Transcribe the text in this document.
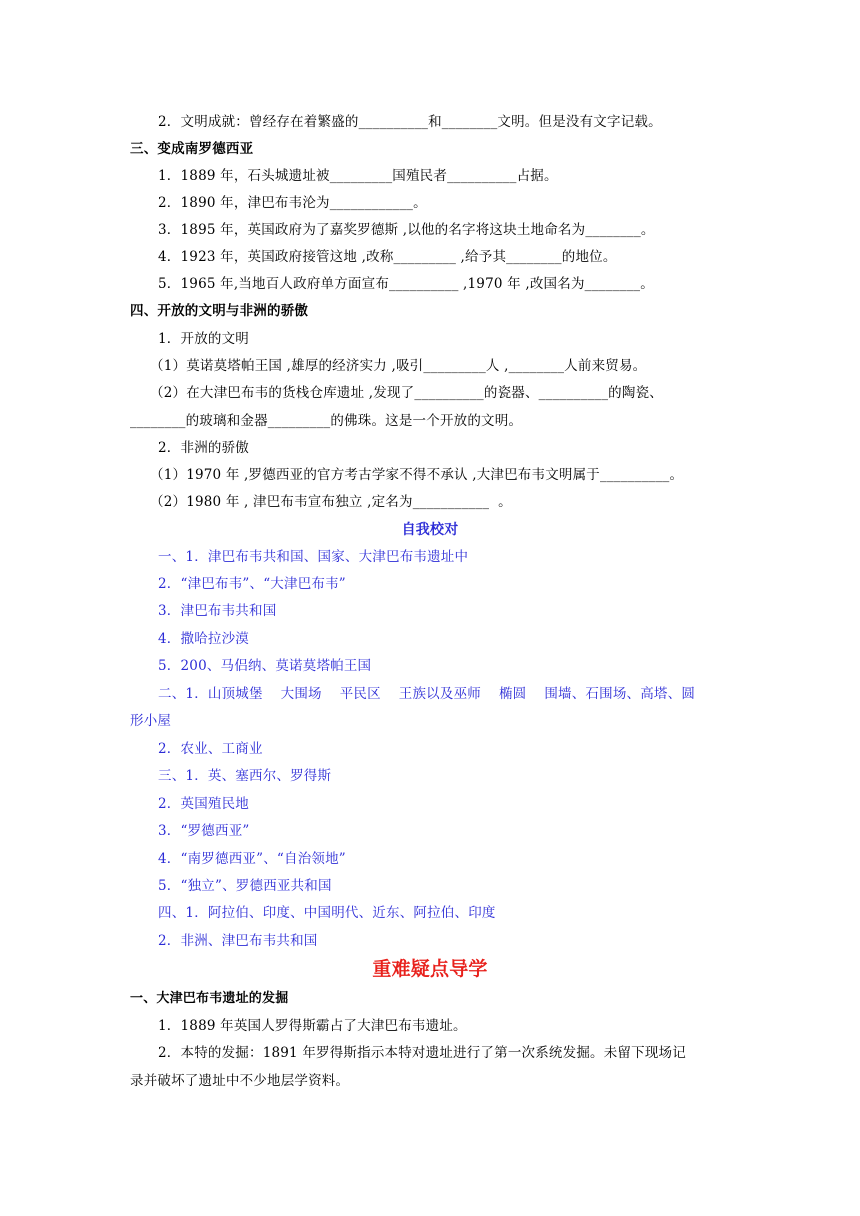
2．文明成就：曾经存在着繁盛的__________和________文明。但是没有文字记载。
三、变成南罗德西亚
1．1889 年，石头城遗址被_________国殖民者__________占据。
2．1890 年，津巴布韦沦为____________。
3．1895 年，英国政府为了嘉奖罗德斯 ,以他的名字将这块土地命名为________。
4．1923 年，英国政府接管这地 ,改称_________ ,给予其________的地位。
5．1965 年,当地百人政府单方面宣布__________ ,1970 年 ,改国名为________。
四、开放的文明与非洲的骄傲
1．开放的文明
（1）莫诺莫塔帕王国 ,雄厚的经济实力 ,吸引_________人 ,________人前来贸易。
（2）在大津巴布韦的货栈仓库遗址 ,发现了__________的瓷器、__________的陶瓷、
________的玻璃和金器_________的佛珠。这是一个开放的文明。
2．非洲的骄傲
（1）1970 年 ,罗德西亚的官方考古学家不得不承认 ,大津巴布韦文明属于__________。
（2）1980 年 , 津巴布韦宣布独立 ,定名为___________  。
自我校对
一、1．津巴布韦共和国、国家、大津巴布韦遗址中
2．“津巴布韦”、“大津巴布韦”
3．津巴布韦共和国
4．撒哈拉沙漠
5．200、马侣纳、莫诺莫塔帕王国
二、1．山顶城堡    大围场    平民区    王族以及巫师    椭圆    围墙、石围场、高塔、圆
形小屋
2．农业、工商业
三、1．英、塞西尔、罗得斯
2．英国殖民地
3．“罗德西亚”
4．“南罗德西亚”、“自治领地”
5．“独立”、罗德西亚共和国
四、1．阿拉伯、印度、中国明代、近东、阿拉伯、印度
2．非洲、津巴布韦共和国
重难疑点导学
一、大津巴布韦遗址的发掘
1．1889 年英国人罗得斯霸占了大津巴布韦遗址。
2．本特的发掘：1891 年罗得斯指示本特对遗址进行了第一次系统发掘。未留下现场记
录并破坏了遗址中不少地层学资料。
